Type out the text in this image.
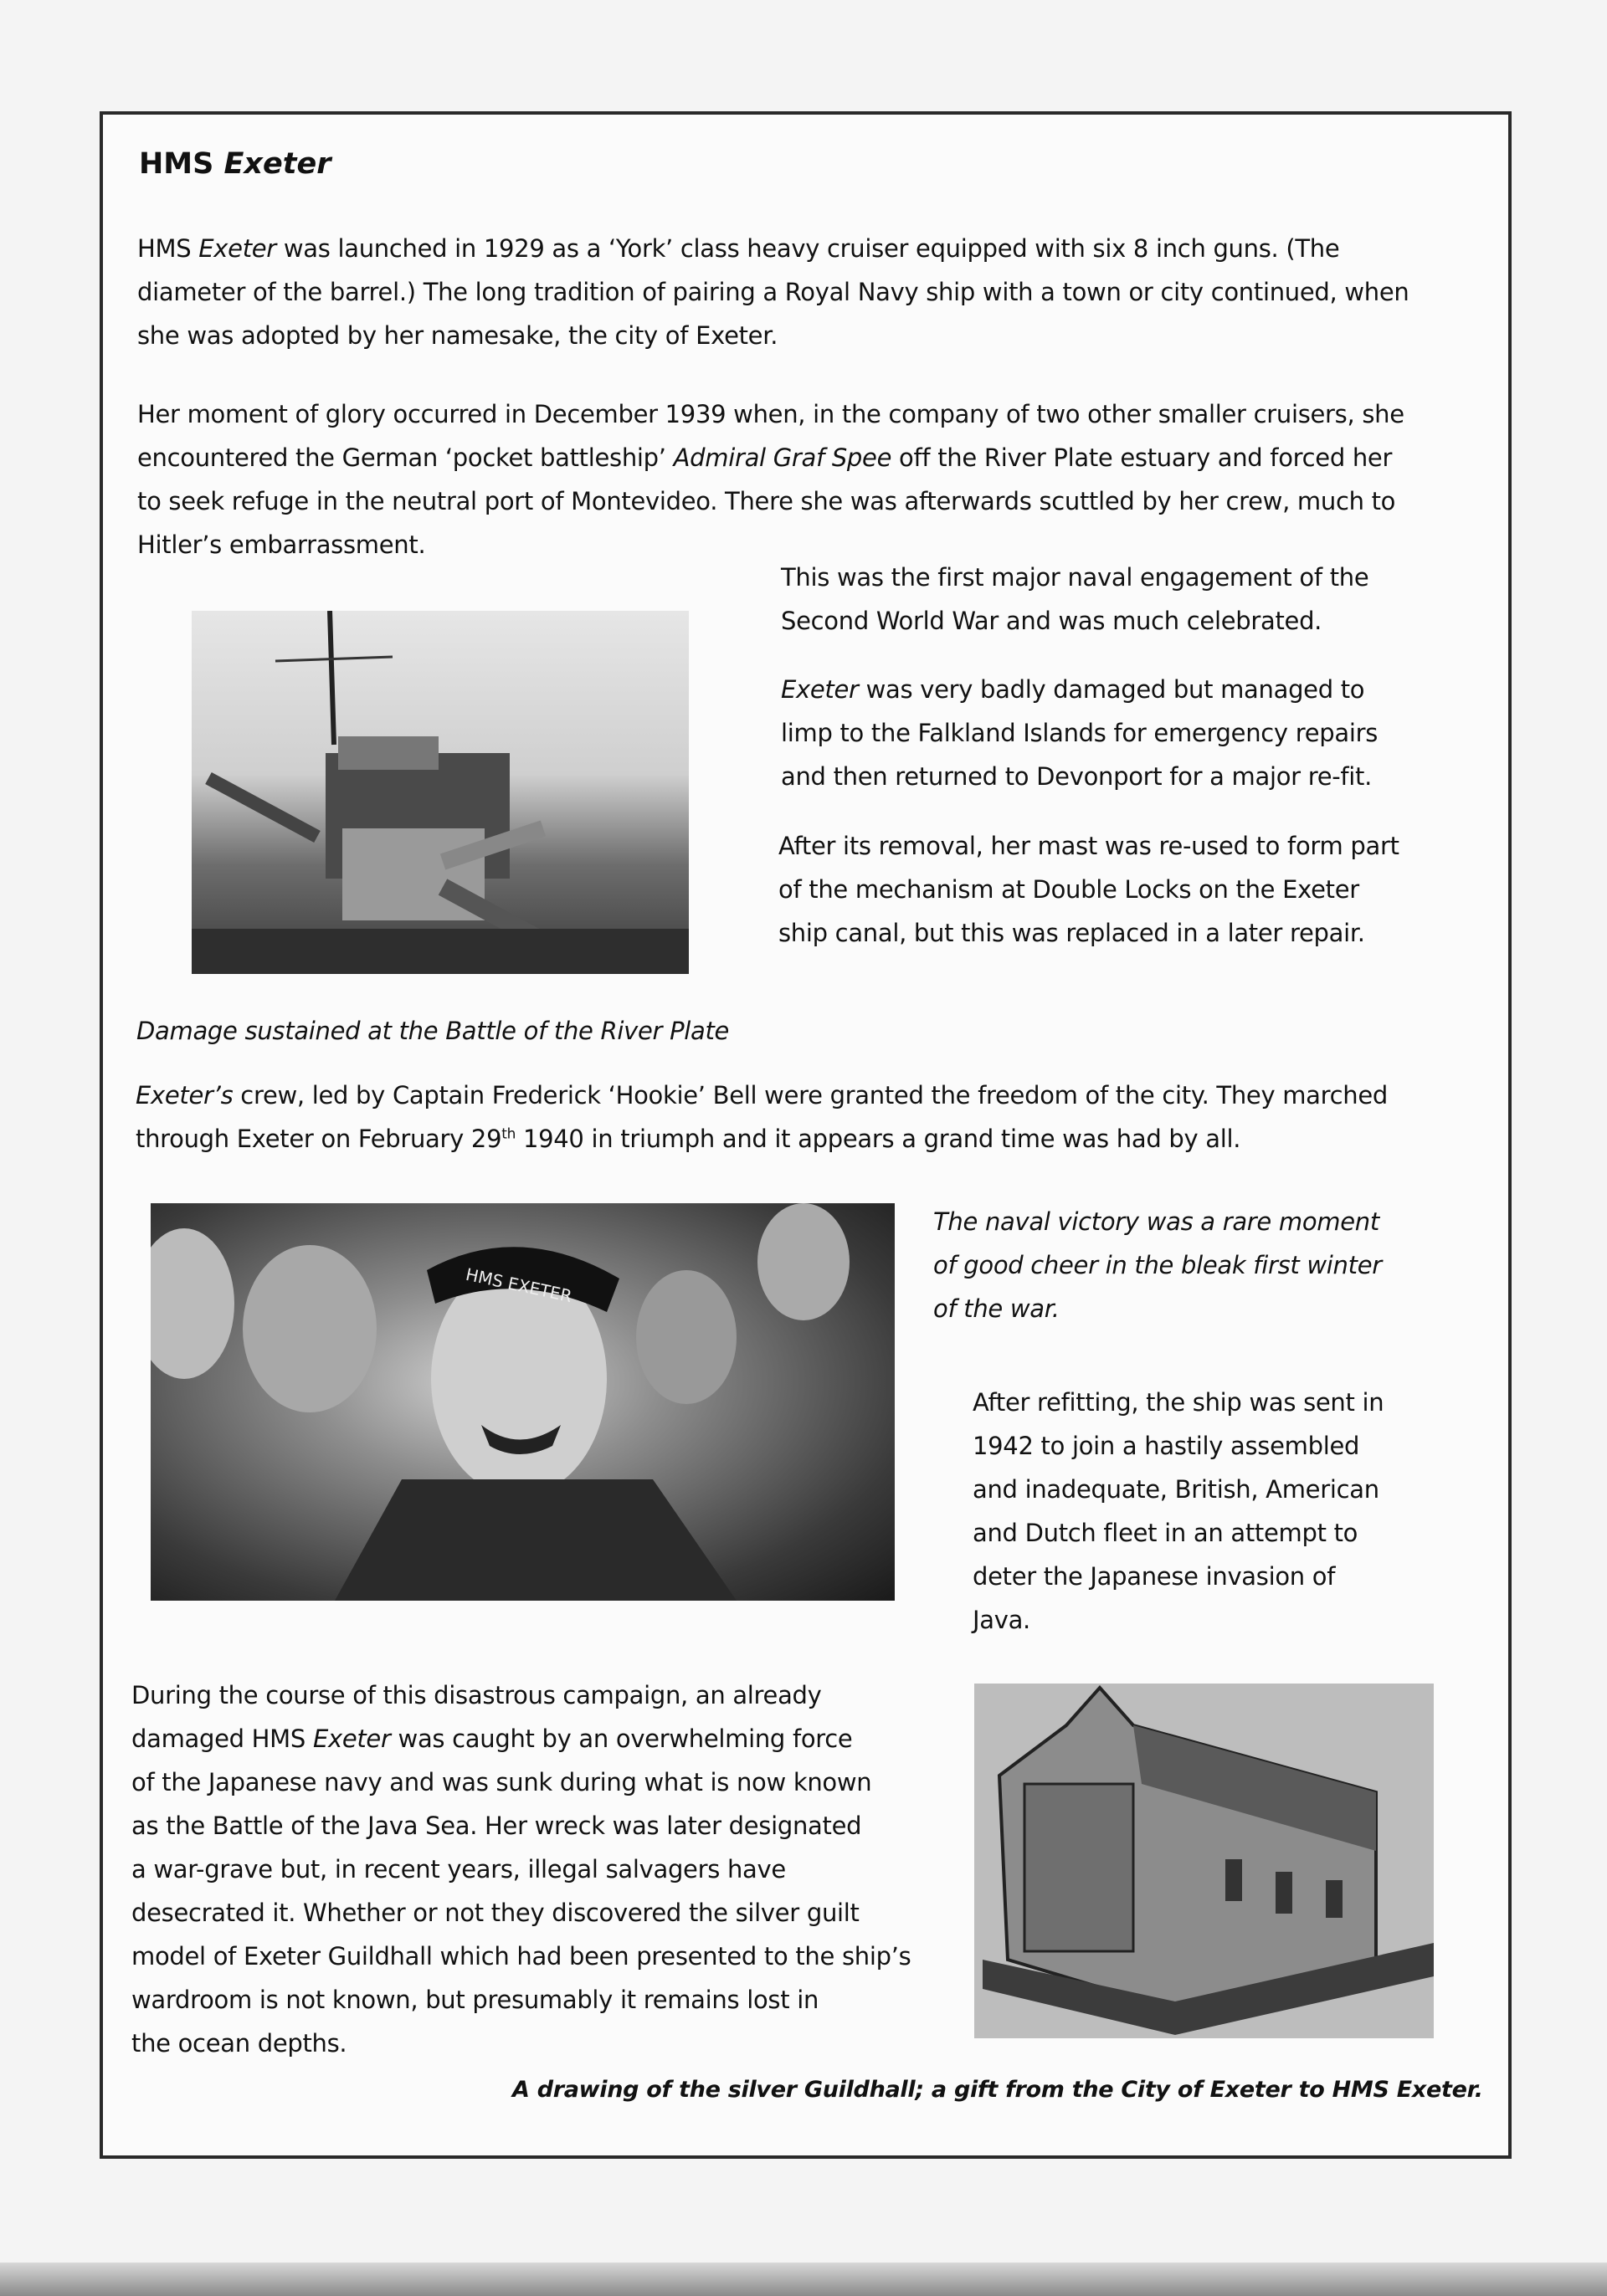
HMS Exeter
HMS Exeter was launched in 1929 as a ‘York’ class heavy cruiser equipped with six 8 inch guns. (The
diameter of the barrel.) The long tradition of pairing a Royal Navy ship with a town or city continued, when
she was adopted by her namesake, the city of Exeter.
Her moment of glory occurred in December 1939 when, in the company of two other smaller cruisers, she
encountered the German ‘pocket battleship’ Admiral Graf Spee off the River Plate estuary and forced her
to seek refuge in the neutral port of Montevideo. There she was afterwards scuttled by her crew, much to
Hitler’s embarrassment.
This was the first major naval engagement of the
Second World War and was much celebrated.
Exeter was very badly damaged but managed to
limp to the Falkland Islands for emergency repairs
and then returned to Devonport for a major re-fit.
After its removal, her mast was re-used to form part
of the mechanism at Double Locks on the Exeter
ship canal, but this was replaced in a later repair.
Damage sustained at the Battle of the River Plate
Exeter’s crew, led by Captain Frederick ‘Hookie’ Bell were granted the freedom of the city. They marched
through Exeter on February 29th 1940 in triumph and it appears a grand time was had by all.
HMS EXETER
The naval victory was a rare moment
of good cheer in the bleak first winter
of the war.
After refitting, the ship was sent in
1942 to join a hastily assembled
and inadequate, British, American
and Dutch fleet in an attempt to
deter the Japanese invasion of
Java.
During the course of this disastrous campaign, an already
damaged HMS Exeter was caught by an overwhelming force
of the Japanese navy and was sunk during what is now known
as the Battle of the Java Sea. Her wreck was later designated
a war-grave but, in recent years, illegal salvagers have
desecrated it. Whether or not they discovered the silver guilt
model of Exeter Guildhall which had been presented to the ship’s
wardroom is not known, but presumably it remains lost in
the ocean depths.
A drawing of the silver Guildhall; a gift from the City of Exeter to HMS Exeter.
